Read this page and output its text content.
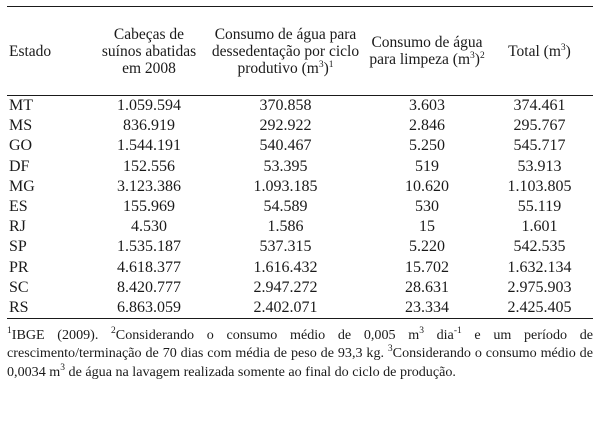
Estado	Cabeças de suínos abatidas em 2008	Consumo de água para dessedentação por ciclo produtivo $(m^3)^1$	Consumo de água para limpeza $(m^3)^2$	Total $(m^3)$
MT	1.059.594	370.858	3.603	374.461
MS	836.919	292.922	2.846	295.767
GO	1.544.191	540.467	5.250	545.717
DF	152.556	53.395	519	53.913
MG	3.123.386	1.093.185	10.620	1.103.805
ES	155.969	54.589	530	55.119
RJ	4.530	1.586	15	1.601
SP	1.535.187	537.315	5.220	542.535
PR	4.618.377	1.616.432	15.702	1.632.134
SC	8.420.777	2.947.272	28.631	2.975.903
RS	6.863.059	2.402.071	23.334	2.425.405
$^1$IBGE (2009). $^2$Considerando o consumo médio de 0,005 $m^3$ dia$^{-1}$ e um período de crescimento/terminação de 70 dias com média de peso de 93,3 kg. $^3$Considerando o consumo médio de 0,0034 $m^3$ de água na lavagem realizada somente ao final do ciclo de produção.
